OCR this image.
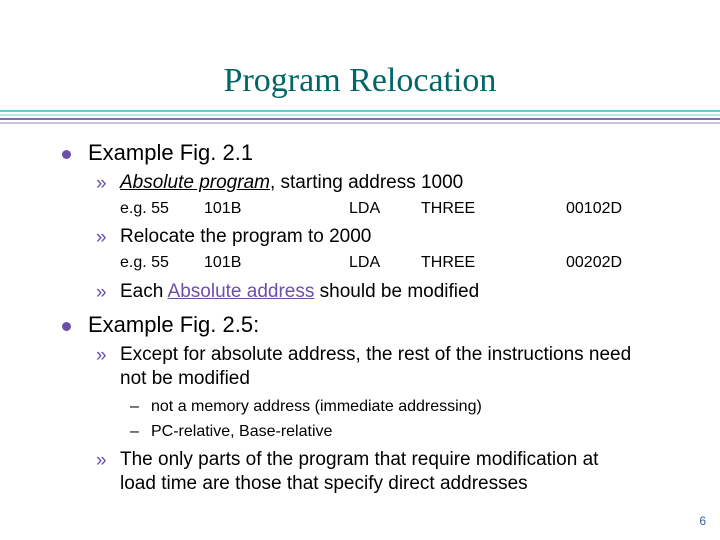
Program Relocation
Example Fig. 2.1
» Absolute program, starting address 1000
e.g. 55 101B	LDA	THREE	00102D
» Relocate the program to 2000
e.g. 55 101B	LDA	THREE	00202D
» Each Absolute address should be modified
Example Fig. 2.5:
» Except for absolute address, the rest of the instructions need
not be modified
– not a memory address (immediate addressing)
– PC-relative, Base-relative
» The only parts of the program that require modification at
load time are those that specify direct addresses
6
